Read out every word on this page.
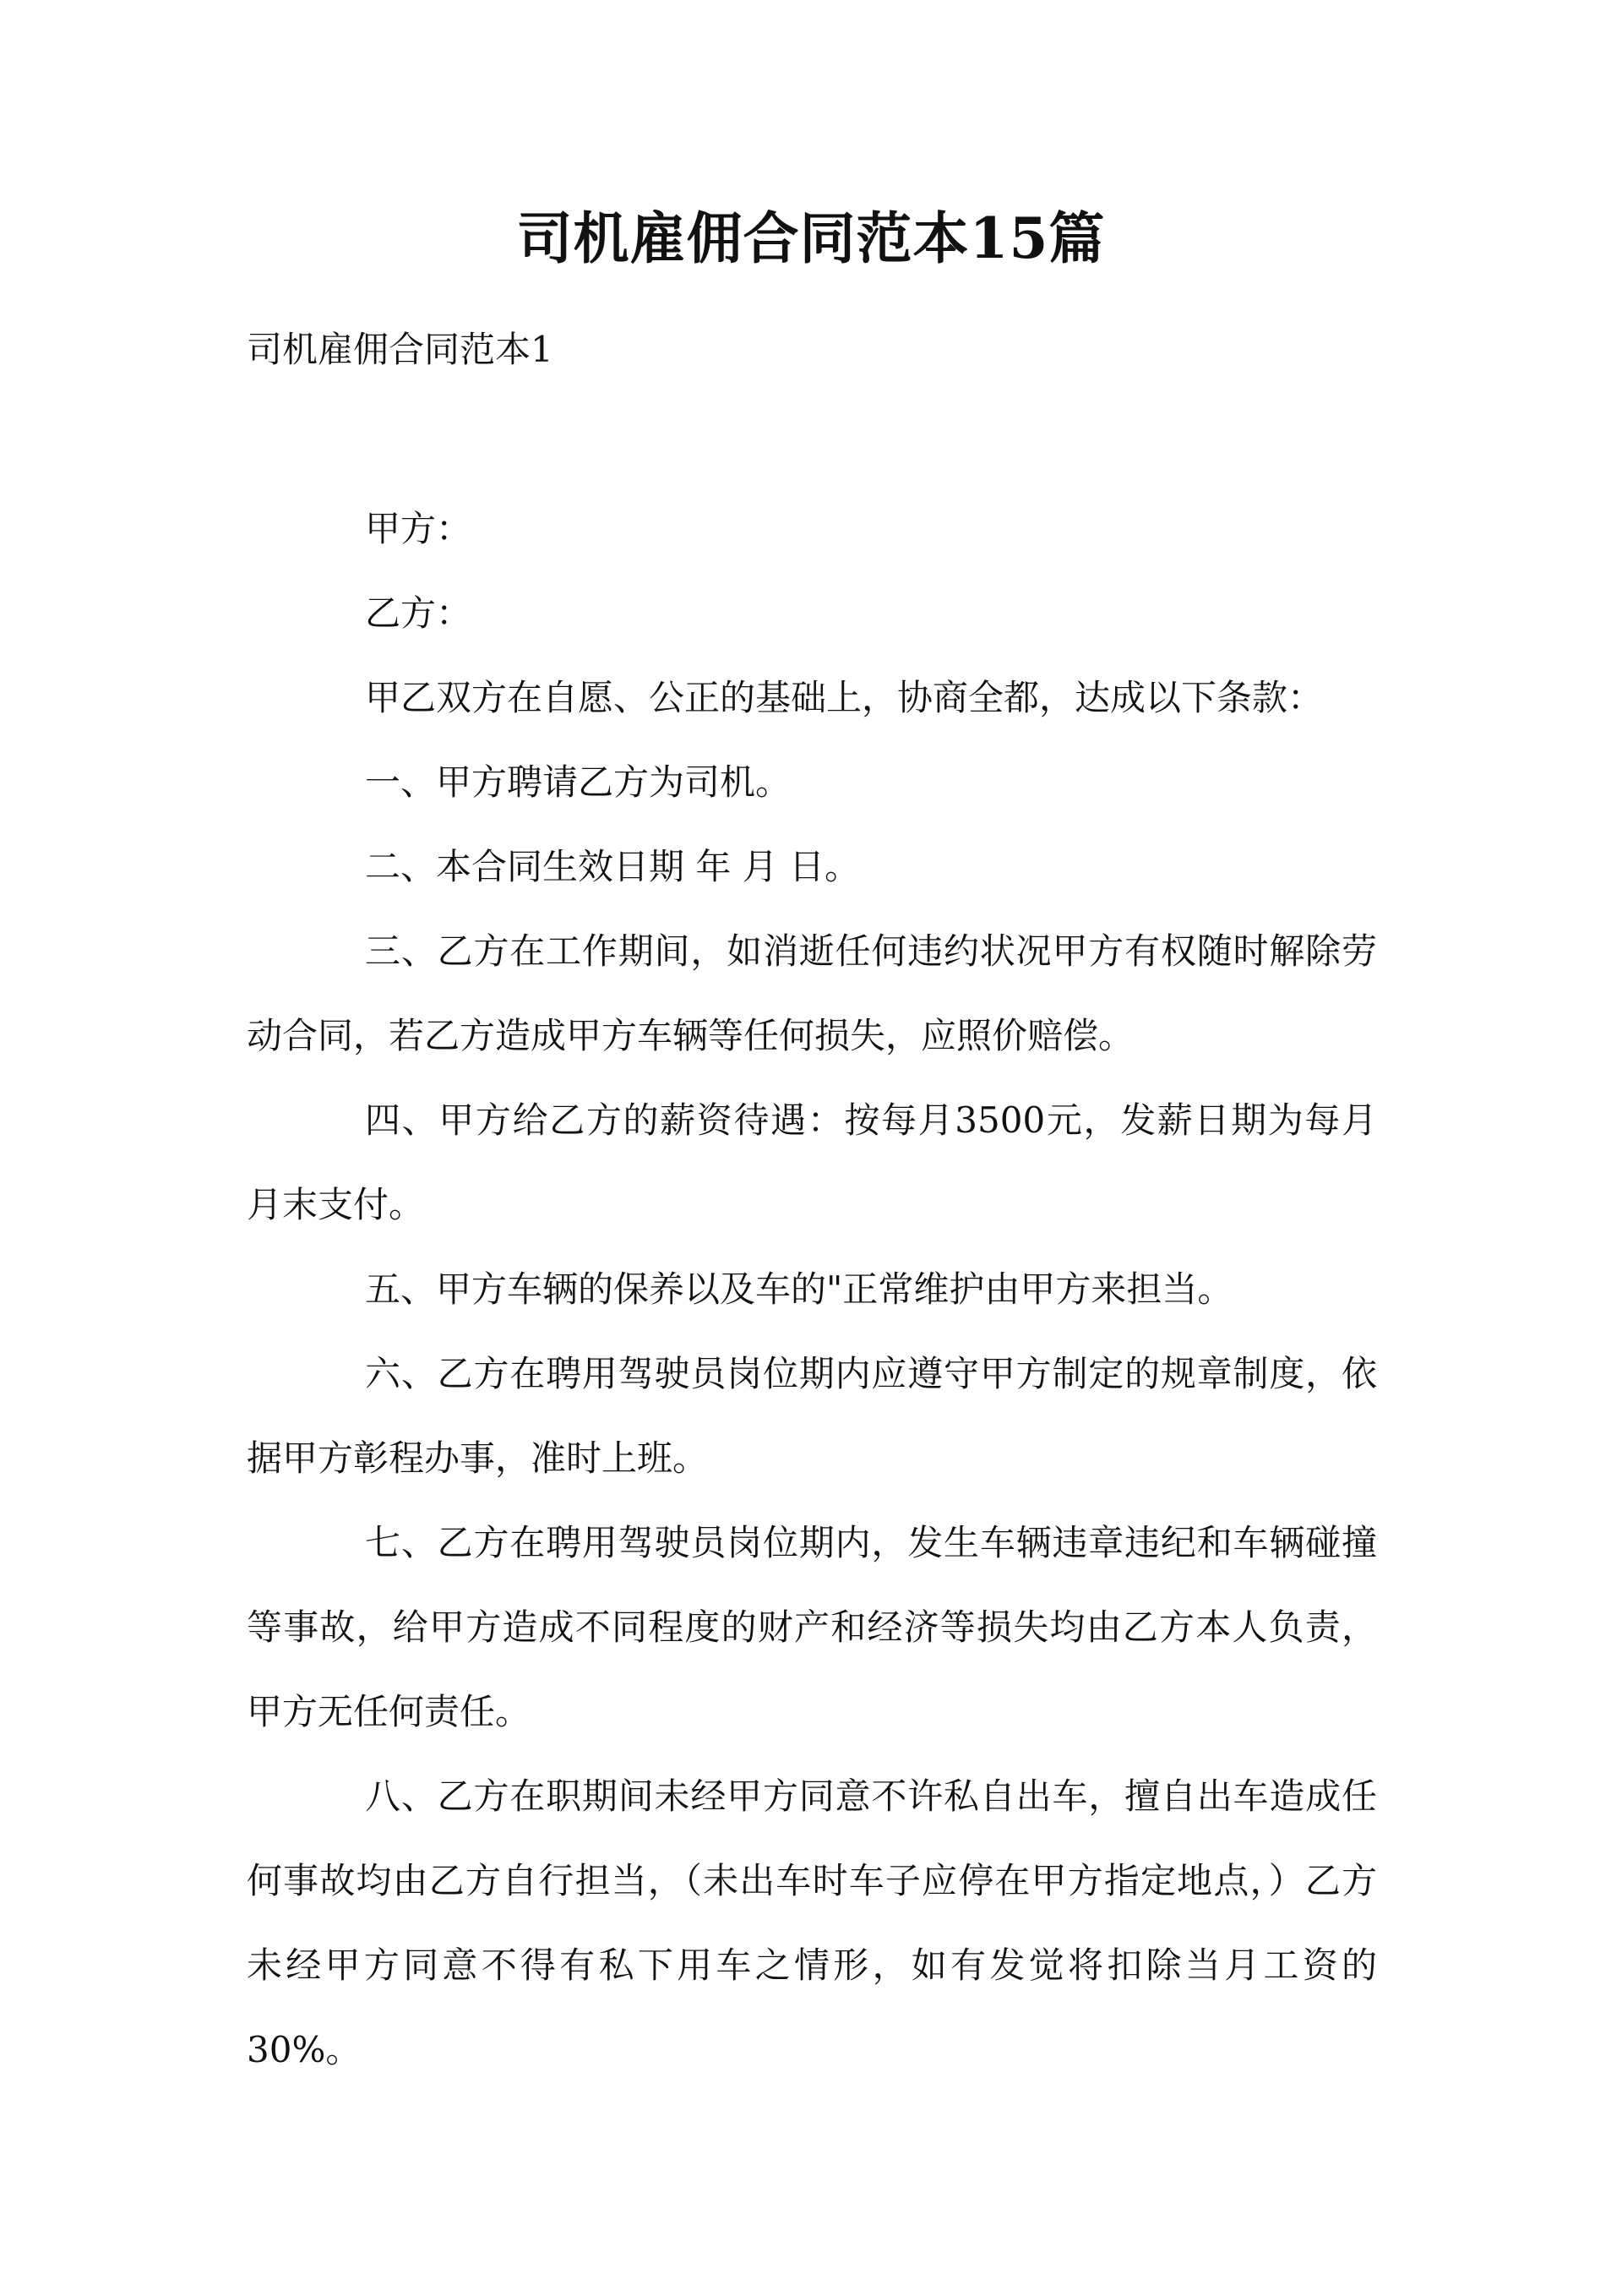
司机雇佣合同范本15篇
司机雇佣合同范本1

甲方：

乙方：

甲乙双方在自愿、公正的基础上，协商全都，达成以下条款：

一、甲方聘请乙方为司机。

二、本合同生效日期 年 月 日。

三、乙方在工作期间，如消逝任何违约状况甲方有权随时解除劳动合同，若乙方造成甲方车辆等任何损失，应照价赔偿。

四、甲方给乙方的薪资待遇：按每月3500元，发薪日期为每月月末支付。

五、甲方车辆的保养以及车的"正常维护由甲方来担当。

六、乙方在聘用驾驶员岗位期内应遵守甲方制定的规章制度，依据甲方彰程办事，准时上班。

七、乙方在聘用驾驶员岗位期内，发生车辆违章违纪和车辆碰撞等事故，给甲方造成不同程度的财产和经济等损失均由乙方本人负责，甲方无任何责任。

八、乙方在职期间未经甲方同意不许私自出车，擅自出车造成任何事故均由乙方自行担当，（未出车时车子应停在甲方指定地点，）乙方未经甲方同意不得有私下用车之情形，如有发觉将扣除当月工资的30%。
